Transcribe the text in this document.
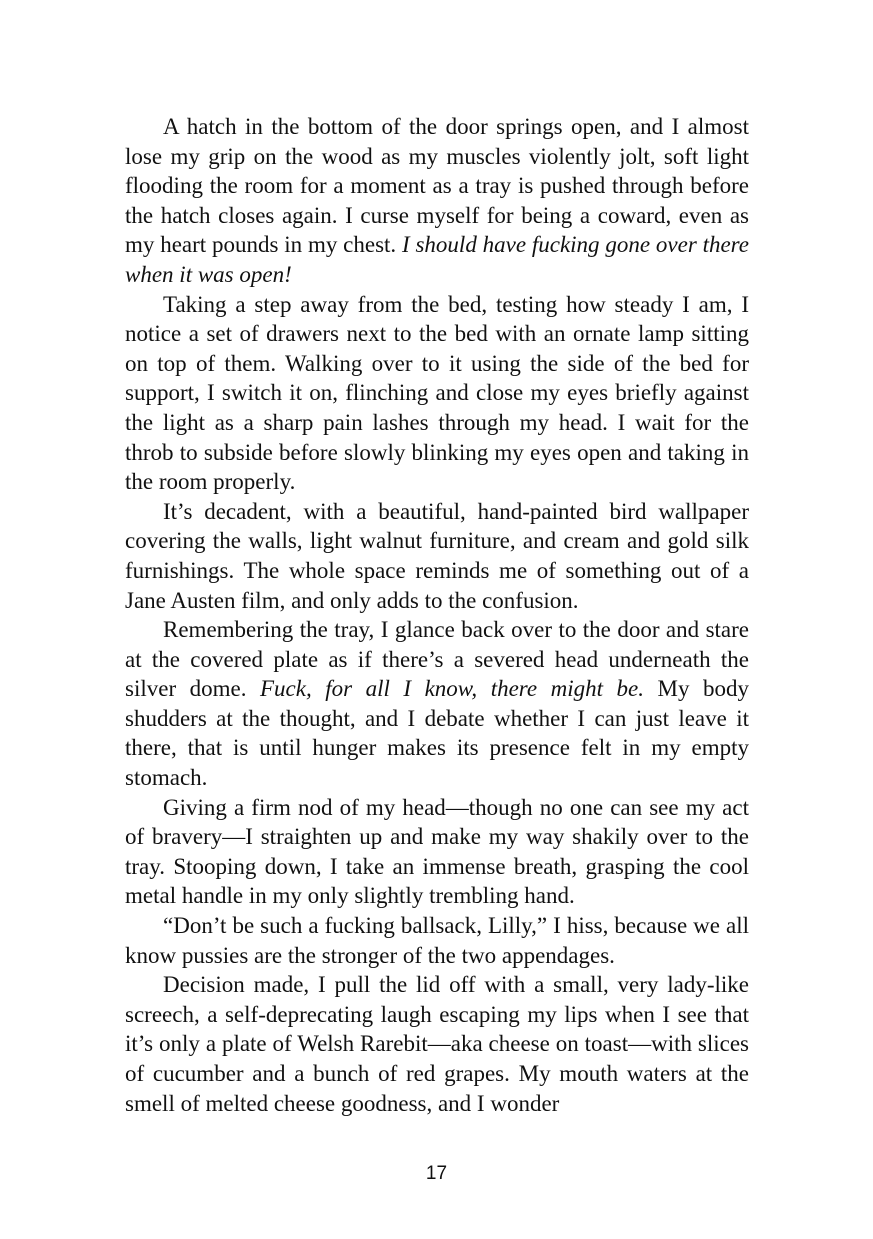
A hatch in the bottom of the door springs open, and I almost lose my grip on the wood as my muscles violently jolt, soft light flooding the room for a moment as a tray is pushed through before the hatch closes again. I curse myself for being a coward, even as my heart pounds in my chest. I should have fucking gone over there when it was open!

Taking a step away from the bed, testing how steady I am, I notice a set of drawers next to the bed with an ornate lamp sitting on top of them. Walking over to it using the side of the bed for support, I switch it on, flinching and close my eyes briefly against the light as a sharp pain lashes through my head. I wait for the throb to subside before slowly blinking my eyes open and taking in the room properly.

It’s decadent, with a beautiful, hand-painted bird wallpaper covering the walls, light walnut furniture, and cream and gold silk furnishings. The whole space reminds me of something out of a Jane Austen film, and only adds to the confusion.

Remembering the tray, I glance back over to the door and stare at the covered plate as if there’s a severed head underneath the silver dome. Fuck, for all I know, there might be. My body shudders at the thought, and I debate whether I can just leave it there, that is until hunger makes its presence felt in my empty stomach.

Giving a firm nod of my head—though no one can see my act of bravery—I straighten up and make my way shakily over to the tray. Stooping down, I take an immense breath, grasping the cool metal handle in my only slightly trembling hand.

“Don’t be such a fucking ballsack, Lilly,” I hiss, because we all know pussies are the stronger of the two appendages.

Decision made, I pull the lid off with a small, very lady-like screech, a self-deprecating laugh escaping my lips when I see that it’s only a plate of Welsh Rarebit—aka cheese on toast—with slices of cucumber and a bunch of red grapes. My mouth waters at the smell of melted cheese goodness, and I wonder

17
